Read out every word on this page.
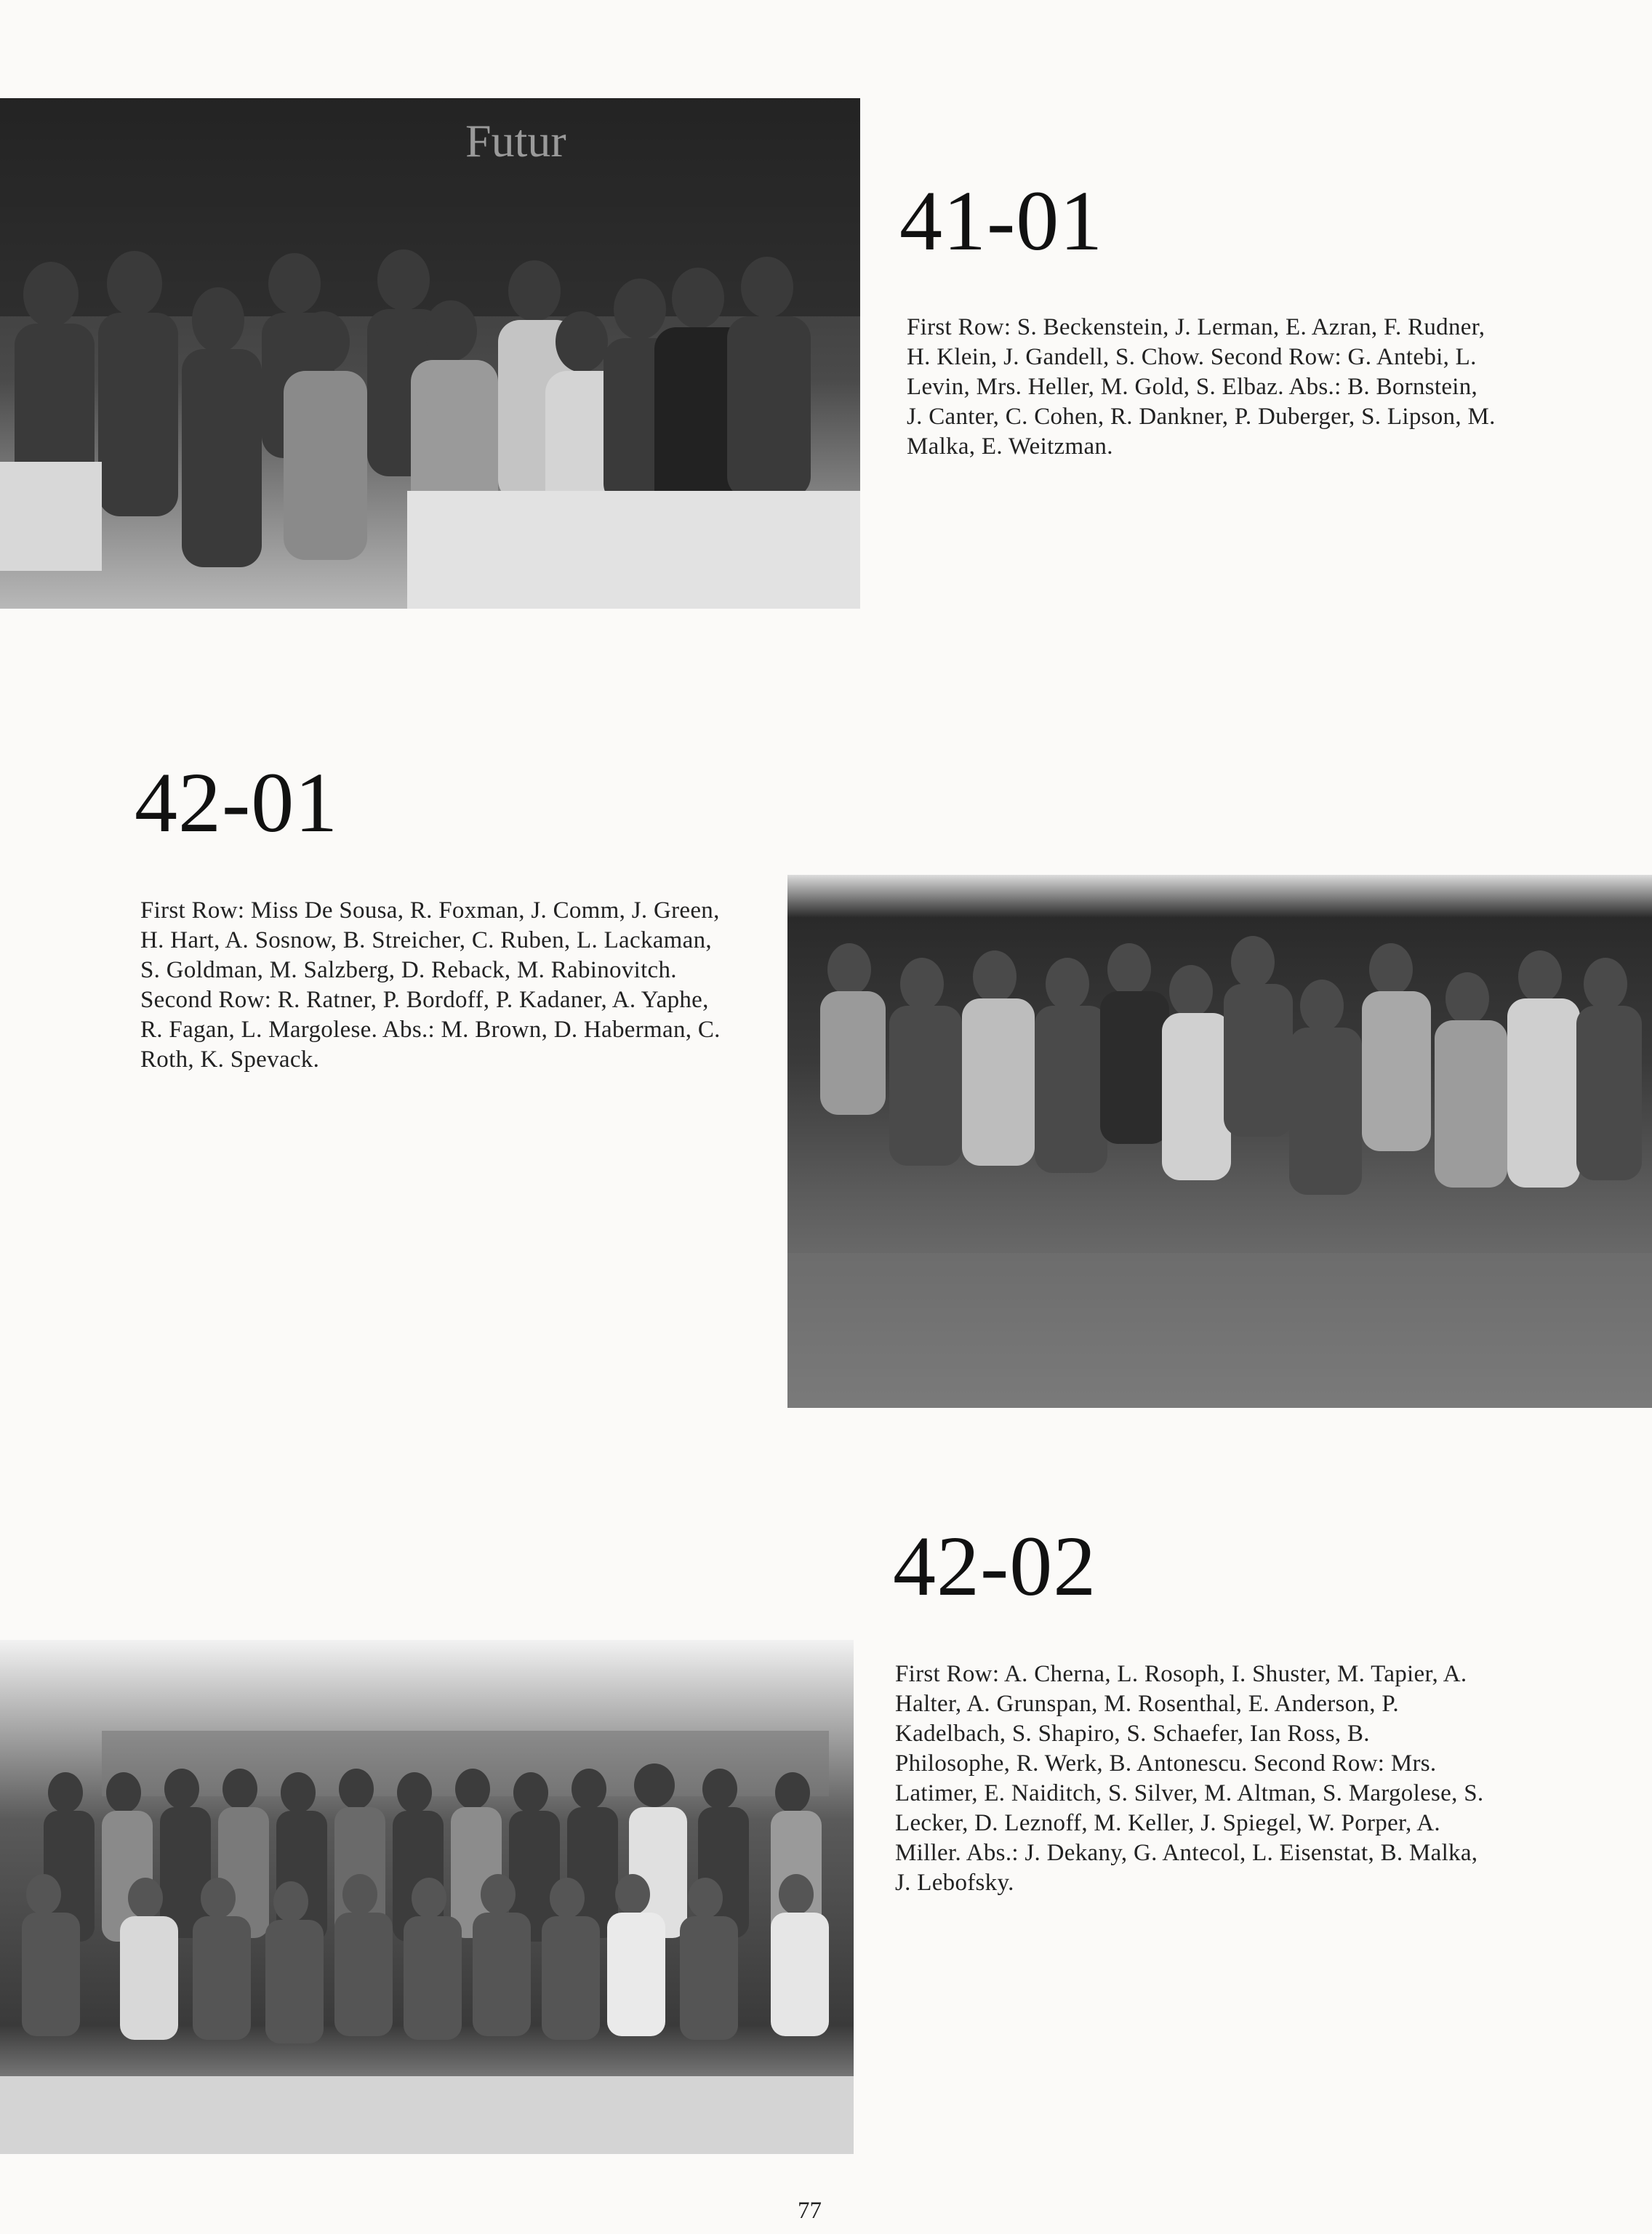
Futur
41-01

First Row: S. Beckenstein, J. Lerman, E. Azran, F. Rudner, H. Klein, J. Gandell, S. Chow. Second Row: G. Antebi, L. Levin, Mrs. Heller, M. Gold, S. Elbaz. Abs.: B. Bornstein, J. Canter, C. Cohen, R. Dankner, P. Duberger, S. Lipson, M. Malka, E. Weitzman.

42-01

First Row: Miss De Sousa, R. Foxman, J. Comm, J. Green, H. Hart, A. Sosnow, B. Streicher, C. Ruben, L. Lackaman, S. Goldman, M. Salzberg, D. Reback, M. Rabinovitch. Second Row: R. Ratner, P. Bordoff, P. Kadaner, A. Yaphe, R. Fagan, L. Margolese. Abs.: M. Brown, D. Haberman, C. Roth, K. Spevack.

42-02

First Row: A. Cherna, L. Rosoph, I. Shuster, M. Tapier, A. Halter, A. Grunspan, M. Rosenthal, E. Anderson, P. Kadelbach, S. Shapiro, S. Schaefer, Ian Ross, B. Philosophe, R. Werk, B. Antonescu. Second Row: Mrs. Latimer, E. Naiditch, S. Silver, M. Altman, S. Margolese, S. Lecker, D. Leznoff, M. Keller, J. Spiegel, W. Porper, A. Miller. Abs.: J. Dekany, G. Antecol, L. Eisenstat, B. Malka, J. Lebofsky.

77
